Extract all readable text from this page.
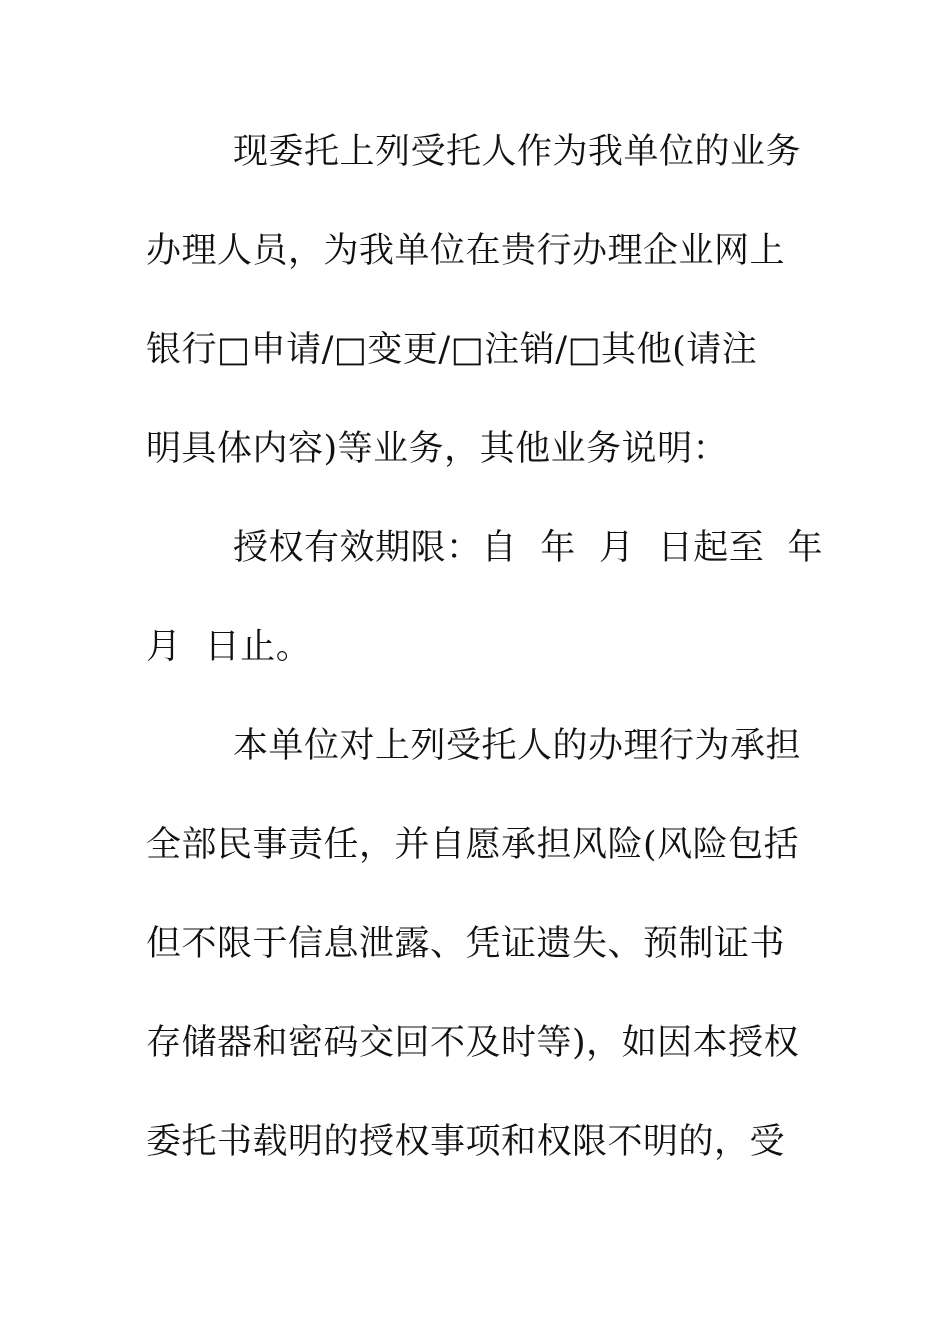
现委托上列受托人作为我单位的业务
办理人员，为我单位在贵行办理企业网上
银行□申请/□变更/□注销/□其他(请注
明具体内容)等业务，其他业务说明：
授权有效期限：自  年  月  日起至  年
月  日止。
本单位对上列受托人的办理行为承担
全部民事责任，并自愿承担风险(风险包括
但不限于信息泄露、凭证遗失、预制证书
存储器和密码交回不及时等)，如因本授权
委托书载明的授权事项和权限不明的，受
